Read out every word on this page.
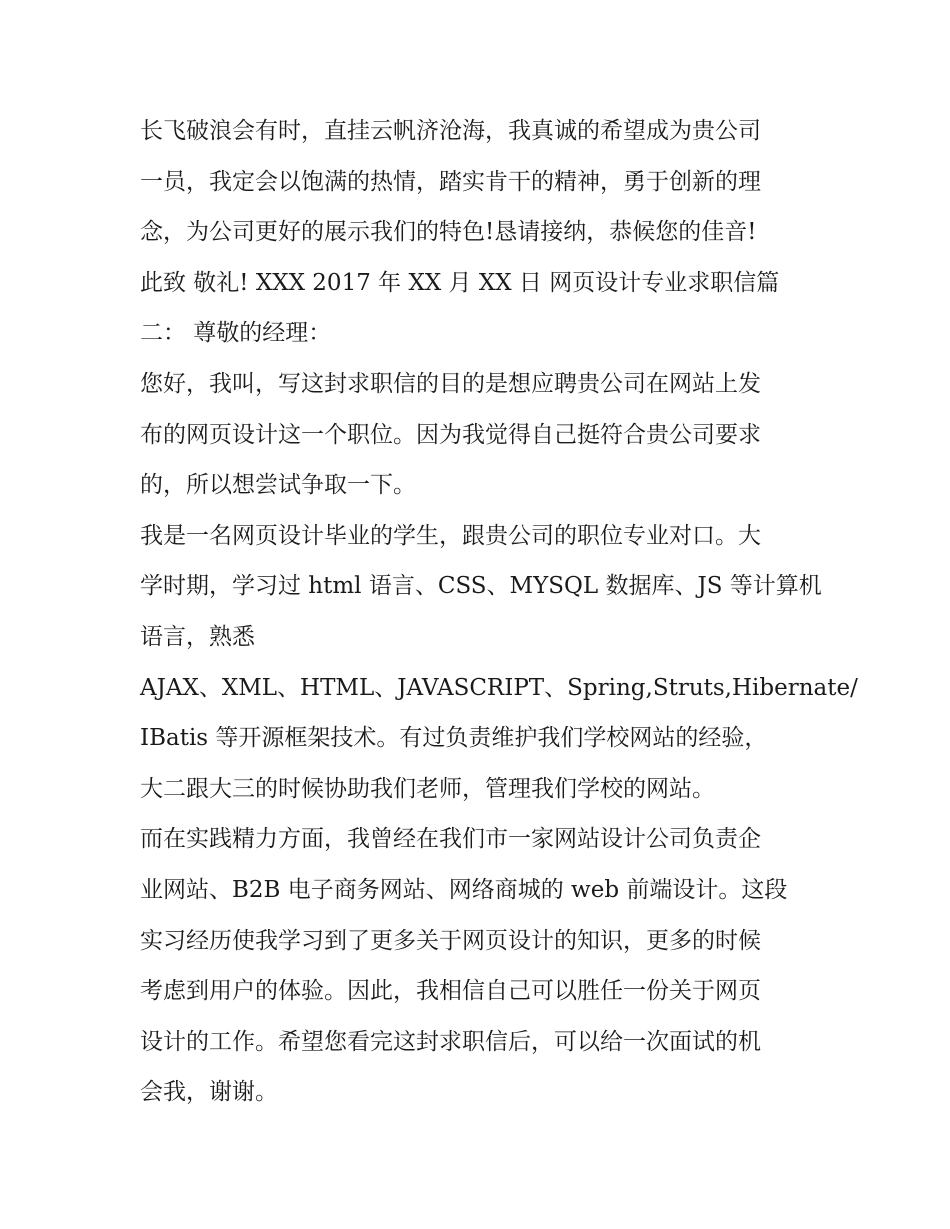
长飞破浪会有时，直挂云帆济沧海，我真诚的希望成为贵公司
一员，我定会以饱满的热情，踏实肯干的精神，勇于创新的理
念，为公司更好的展示我们的特色!恳请接纳，恭候您的佳音!
此致 敬礼! XXX 2017 年 XX 月 XX 日 网页设计专业求职信篇
二： 尊敬的经理：
您好，我叫，写这封求职信的目的是想应聘贵公司在网站上发
布的网页设计这一个职位。因为我觉得自己挺符合贵公司要求
的，所以想尝试争取一下。
我是一名网页设计毕业的学生，跟贵公司的职位专业对口。大
学时期，学习过 html 语言、CSS、MYSQL 数据库、JS 等计算机
语言，熟悉
AJAX、XML、HTML、JAVASCRIPT、Spring,Struts,Hibernate/
IBatis 等开源框架技术。有过负责维护我们学校网站的经验，
大二跟大三的时候协助我们老师，管理我们学校的网站。
而在实践精力方面，我曾经在我们市一家网站设计公司负责企
业网站、B2B 电子商务网站、网络商城的 web 前端设计。这段
实习经历使我学习到了更多关于网页设计的知识，更多的时候
考虑到用户的体验。因此，我相信自己可以胜任一份关于网页
设计的工作。希望您看完这封求职信后，可以给一次面试的机
会我，谢谢。
